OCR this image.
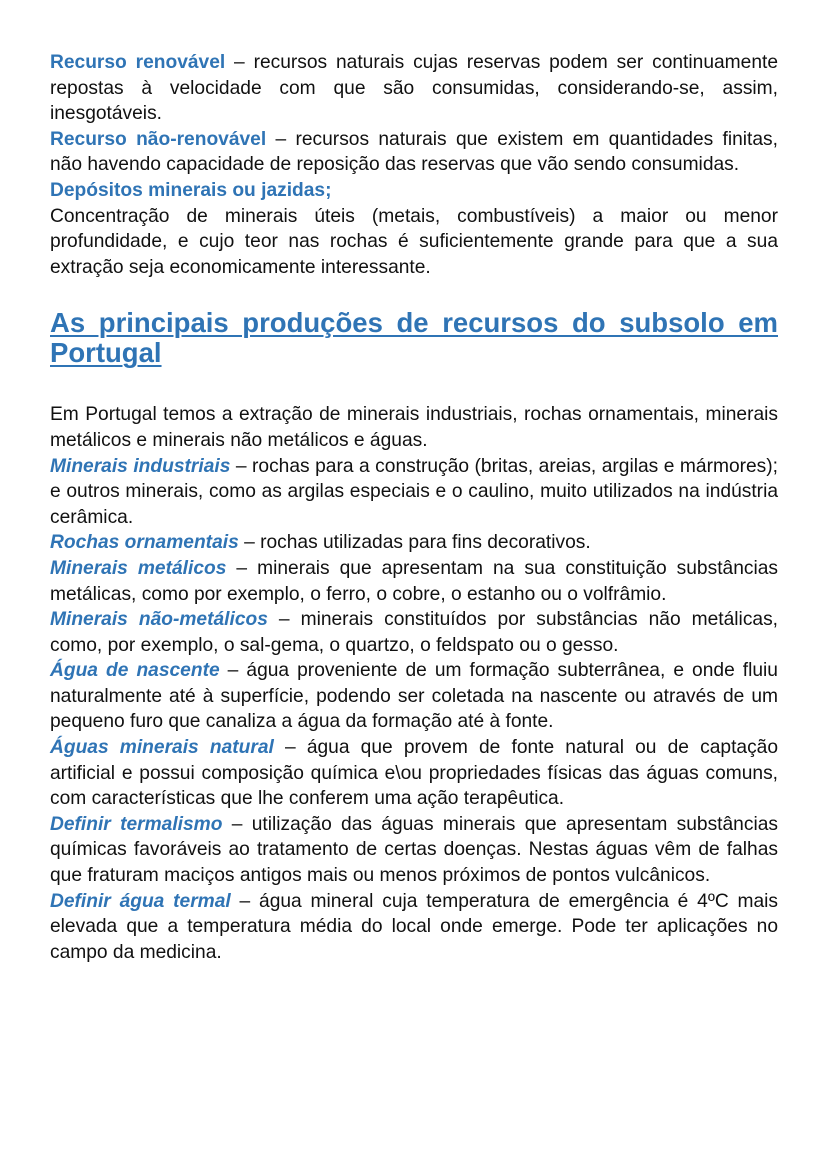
Recurso renovável – recursos naturais cujas reservas podem ser continuamente repostas à velocidade com que são consumidas, considerando-se, assim, inesgotáveis.

Recurso não-renovável – recursos naturais que existem em quantidades finitas, não havendo capacidade de reposição das reservas que vão sendo consumidas.

Depósitos minerais ou jazidas;

Concentração de minerais úteis (metais, combustíveis) a maior ou menor profundidade, e cujo teor nas rochas é suficientemente grande para que a sua extração seja economicamente interessante.

As principais produções de recursos do subsolo em Portugal

Em Portugal temos a extração de minerais industriais, rochas ornamentais, minerais metálicos e minerais não metálicos e águas.

Minerais industriais – rochas para a construção (britas, areias, argilas e mármores); e outros minerais, como as argilas especiais e o caulino, muito utilizados na indústria cerâmica.

Rochas ornamentais – rochas utilizadas para fins decorativos.

Minerais metálicos – minerais que apresentam na sua constituição substâncias metálicas, como por exemplo, o ferro, o cobre, o estanho ou o volfrâmio.

Minerais não-metálicos – minerais constituídos por substâncias não metálicas, como, por exemplo, o sal-gema, o quartzo, o feldspato ou o gesso.

Água de nascente – água proveniente de um formação subterrânea, e onde fluiu naturalmente até à superfície, podendo ser coletada na nascente ou através de um pequeno furo que canaliza a água da formação até à fonte.

Águas minerais natural – água que provem de fonte natural ou de captação artificial e possui composição química e\ou propriedades físicas das águas comuns, com características que lhe conferem uma ação terapêutica.

Definir termalismo – utilização das águas minerais que apresentam substâncias químicas favoráveis ao tratamento de certas doenças. Nestas águas vêm de falhas que fraturam maciços antigos mais ou menos próximos de pontos vulcânicos.

Definir água termal – água mineral cuja temperatura de emergência é 4ºC mais elevada que a temperatura média do local onde emerge. Pode ter aplicações no campo da medicina.
